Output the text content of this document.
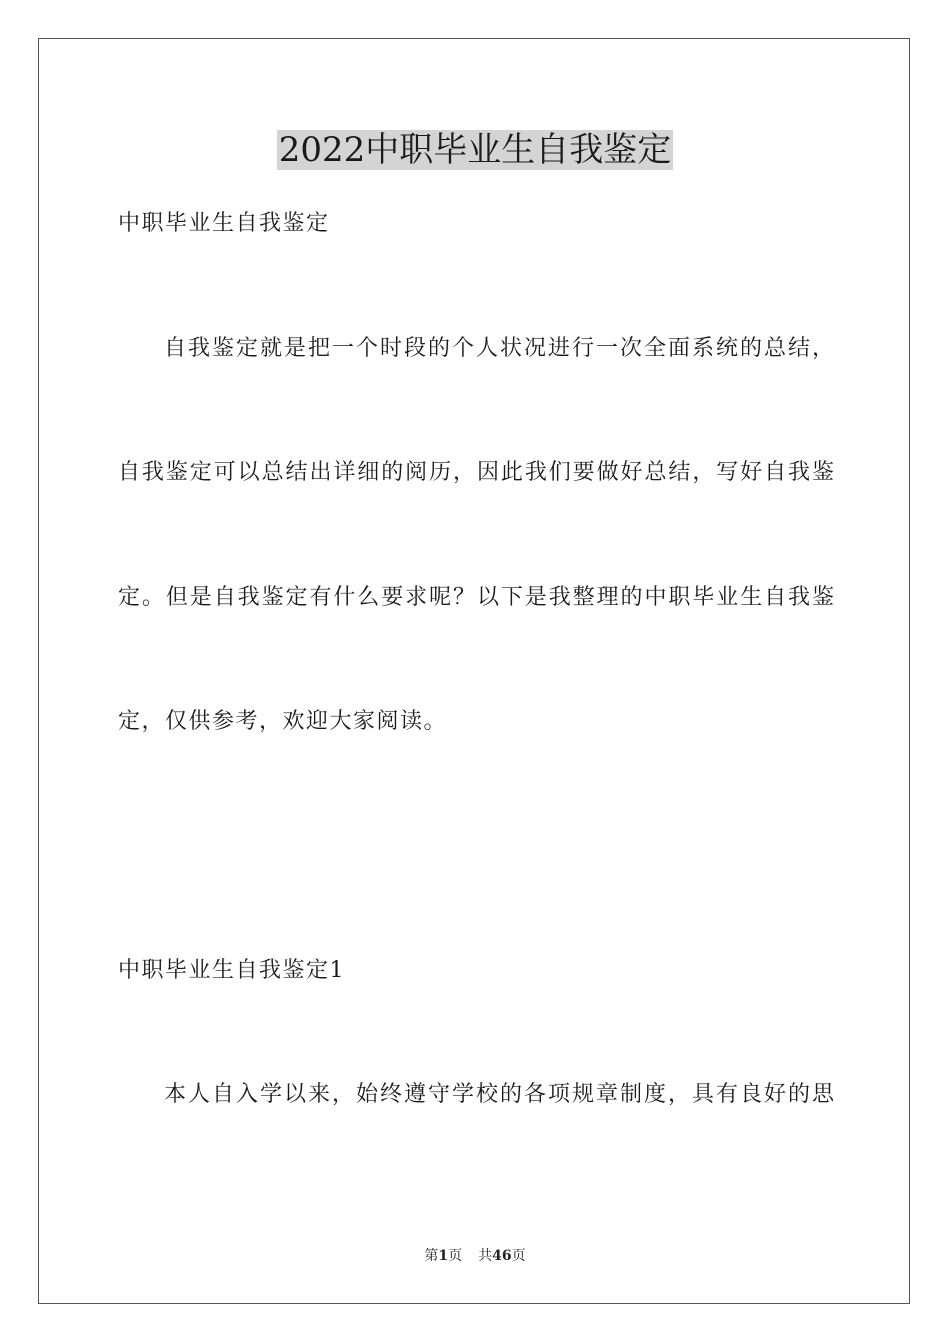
2022中职毕业生自我鉴定
中职毕业生自我鉴定
自我鉴定就是把一个时段的个人状况进行一次全面系统的总结，
自我鉴定可以总结出详细的阅历，因此我们要做好总结，写好自我鉴
定。但是自我鉴定有什么要求呢？以下是我整理的中职毕业生自我鉴
定，仅供参考，欢迎大家阅读。
中职毕业生自我鉴定1
本人自入学以来，始终遵守学校的各项规章制度，具有良好的思
第1页 共46页
